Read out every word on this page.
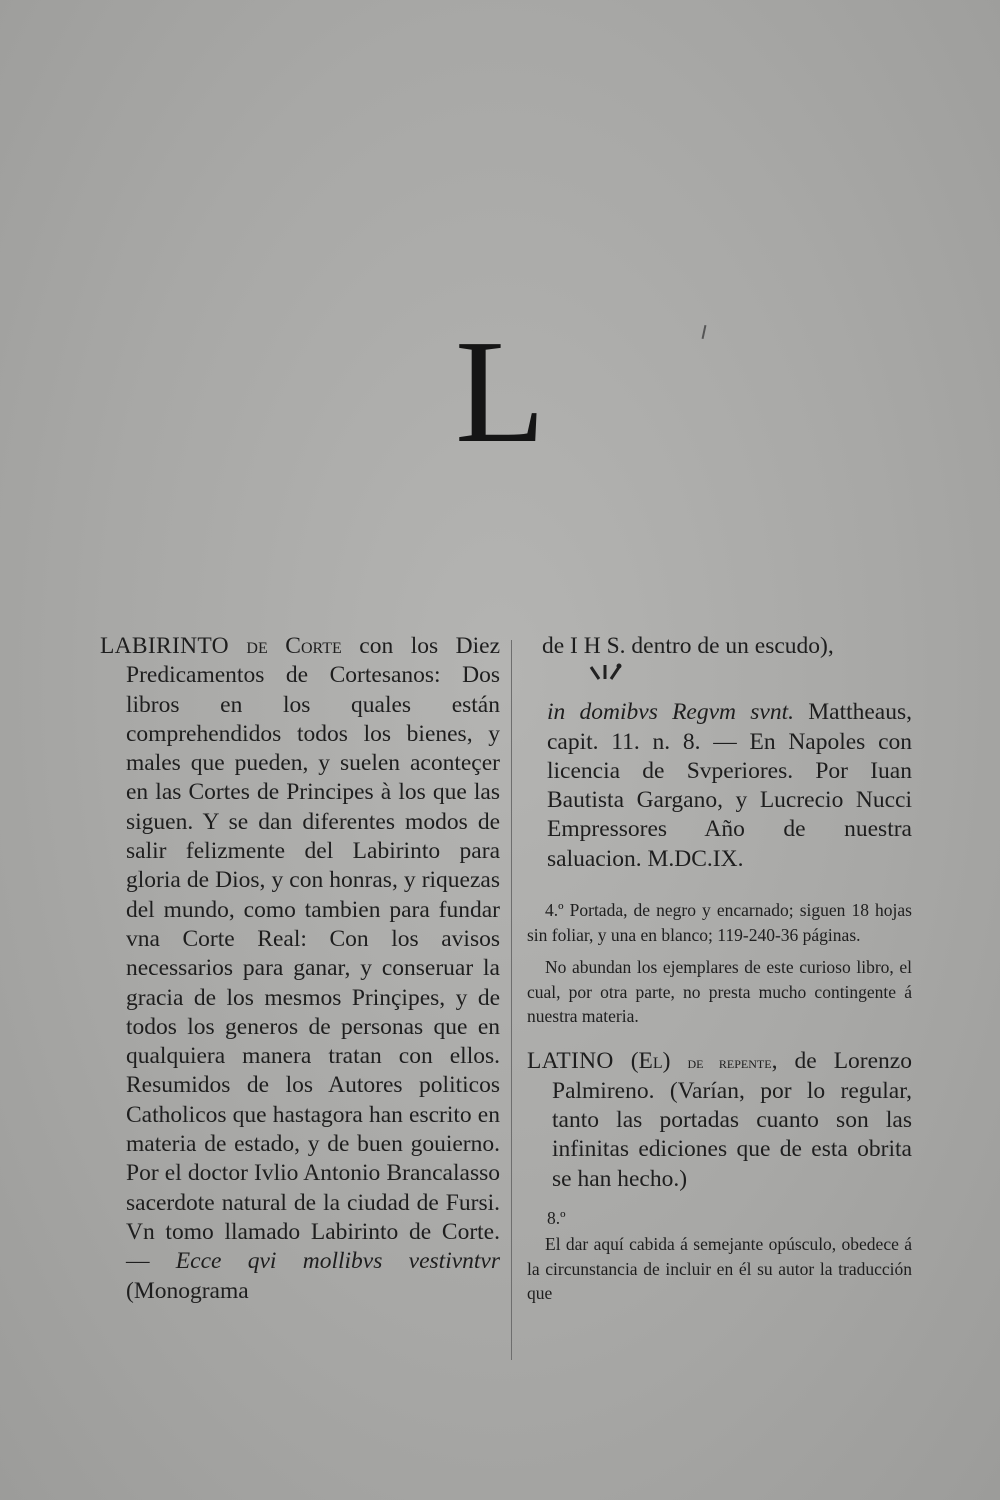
L

LABIRINTO de Corte con los Diez Predicamentos de Cortesanos: Dos libros en los quales están comprehendidos todos los bienes, y males que pueden, y suelen aconteçer en las Cortes de Principes à los que las siguen. Y se dan diferentes modos de salir felizmente del Labirinto para gloria de Dios, y con honras, y riquezas del mundo, como tambien para fundar vna Corte Real: Con los avisos necessarios para ganar, y conseruar la gracia de los mesmos Prinçipes, y de todos los generos de personas que en qualquiera manera tratan con ellos. Resumidos de los Autores politicos Catholicos que hastagora han escrito en materia de estado, y de buen gouierno. Por el doctor Ivlio Antonio Brancalasso sacerdote natural de la ciudad de Fursi. Vn tomo llamado Labirinto de Corte. — Ecce qvi mollibvs vestivntvr (Monograma

de I H S. dentro de un escudo),

in domibvs Regvm svnt. Mattheaus, capit. 11. n. 8. — En Napoles con licencia de Svperiores. Por Iuan Bautista Gargano, y Lucrecio Nucci Empressores Año de nuestra saluacion. M.DC.IX.

4.º Portada, de negro y encarnado; siguen 18 hojas sin foliar, y una en blanco; 119-240-36 páginas.

No abundan los ejemplares de este curioso libro, el cual, por otra parte, no presta mucho contingente á nuestra materia.

LATINO (El) de repente, de Lorenzo Palmireno. (Varían, por lo regular, tanto las portadas cuanto son las infinitas ediciones que de esta obrita se han hecho.)

8.º

El dar aquí cabida á semejante opúsculo, obedece á la circunstancia de incluir en él su autor la traducción que
